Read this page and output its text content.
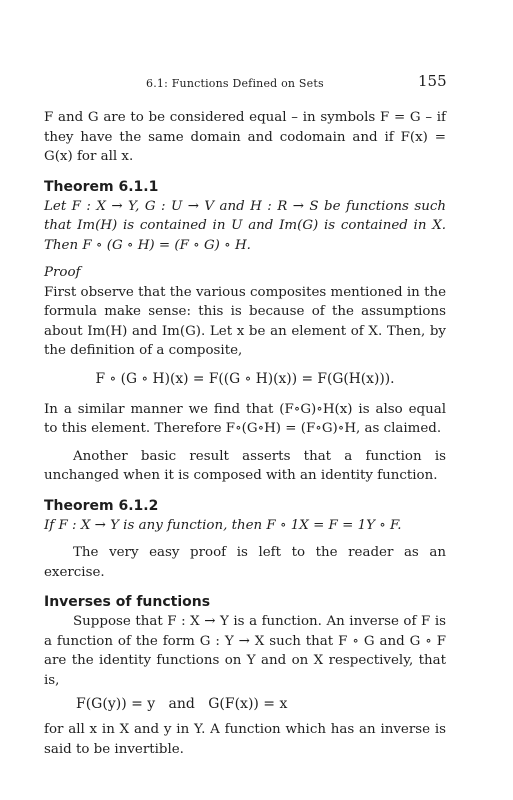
6.1: Functions Defined on Sets	155

F and G are to be considered equal – in symbols F = G – if they have the same domain and codomain and if F(x) = G(x) for all x.

Theorem 6.1.1

Let F : X → Y, G : U → V and H : R → S be functions such that Im(H) is contained in U and Im(G) is contained in X. Then F ∘ (G ∘ H) = (F ∘ G) ∘ H.

Proof

First observe that the various composites mentioned in the formula make sense: this is because of the assumptions about Im(H) and Im(G). Let x be an element of X. Then, by the definition of a composite,

F ∘ (G ∘ H)(x) = F((G ∘ H)(x)) = F(G(H(x))).

In a similar manner we find that (F∘G)∘H(x) is also equal to this element. Therefore F∘(G∘H) = (F∘G)∘H, as claimed.

Another basic result asserts that a function is unchanged when it is composed with an identity function.

Theorem 6.1.2

If F : X → Y is any function, then F ∘ 1X = F = 1Y ∘ F.

The very easy proof is left to the reader as an exercise.

Inverses of functions

Suppose that F : X → Y is a function. An inverse of F is a function of the form G : Y → X such that F ∘ G and G ∘ F are the identity functions on Y and on X respectively, that is,

F(G(y)) = y   and   G(F(x)) = x

for all x in X and y in Y. A function which has an inverse is said to be invertible.
